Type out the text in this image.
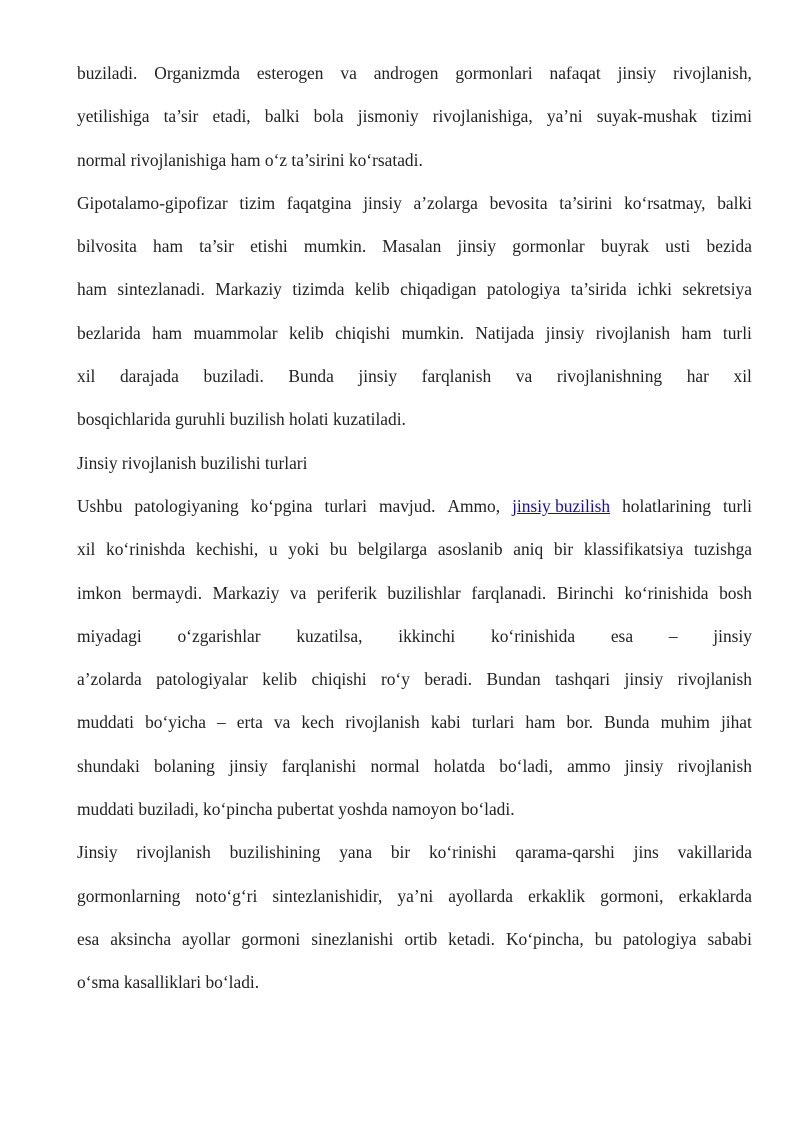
buziladi. Organizmda esterogen va androgen gormonlari nafaqat jinsiy rivojlanish,
yetilishiga ta’sir etadi, balki bola jismoniy rivojlanishiga, ya’ni suyak-mushak tizimi
normal rivojlanishiga ham o‘z ta’sirini ko‘rsatadi.
Gipotalamo-gipofizar tizim faqatgina jinsiy a’zolarga bevosita ta’sirini ko‘rsatmay, balki
bilvosita ham ta’sir etishi mumkin. Masalan jinsiy gormonlar buyrak usti bezida
ham sintezlanadi. Markaziy tizimda kelib chiqadigan patologiya ta’sirida ichki sekretsiya
bezlarida ham muammolar kelib chiqishi mumkin. Natijada jinsiy rivojlanish ham turli
xil darajada buziladi. Bunda jinsiy farqlanish va rivojlanishning har xil
bosqichlarida guruhli buzilish holati kuzatiladi.
Jinsiy rivojlanish buzilishi turlari
Ushbu patologiyaning ko‘pgina turlari mavjud. Ammo, jinsiy buzilish holatlarining turli
xil ko‘rinishda kechishi, u yoki bu belgilarga asoslanib aniq bir klassifikatsiya tuzishga
imkon bermaydi. Markaziy va periferik buzilishlar farqlanadi. Birinchi ko‘rinishida bosh
miyadagi o‘zgarishlar kuzatilsa, ikkinchi ko‘rinishida esa – jinsiy
a’zolarda patologiyalar kelib chiqishi ro‘y beradi. Bundan tashqari jinsiy rivojlanish
muddati bo‘yicha – erta va kech rivojlanish kabi turlari ham bor. Bunda muhim jihat
shundaki bolaning jinsiy farqlanishi normal holatda bo‘ladi, ammo jinsiy rivojlanish
muddati buziladi, ko‘pincha pubertat yoshda namoyon bo‘ladi.
Jinsiy rivojlanish buzilishining yana bir ko‘rinishi qarama-qarshi jins vakillarida
gormonlarning noto‘g‘ri sintezlanishidir, ya’ni ayollarda erkaklik gormoni, erkaklarda
esa aksincha ayollar gormoni sinezlanishi ortib ketadi. Ko‘pincha, bu patologiya sababi
o‘sma kasalliklari bo‘ladi.
